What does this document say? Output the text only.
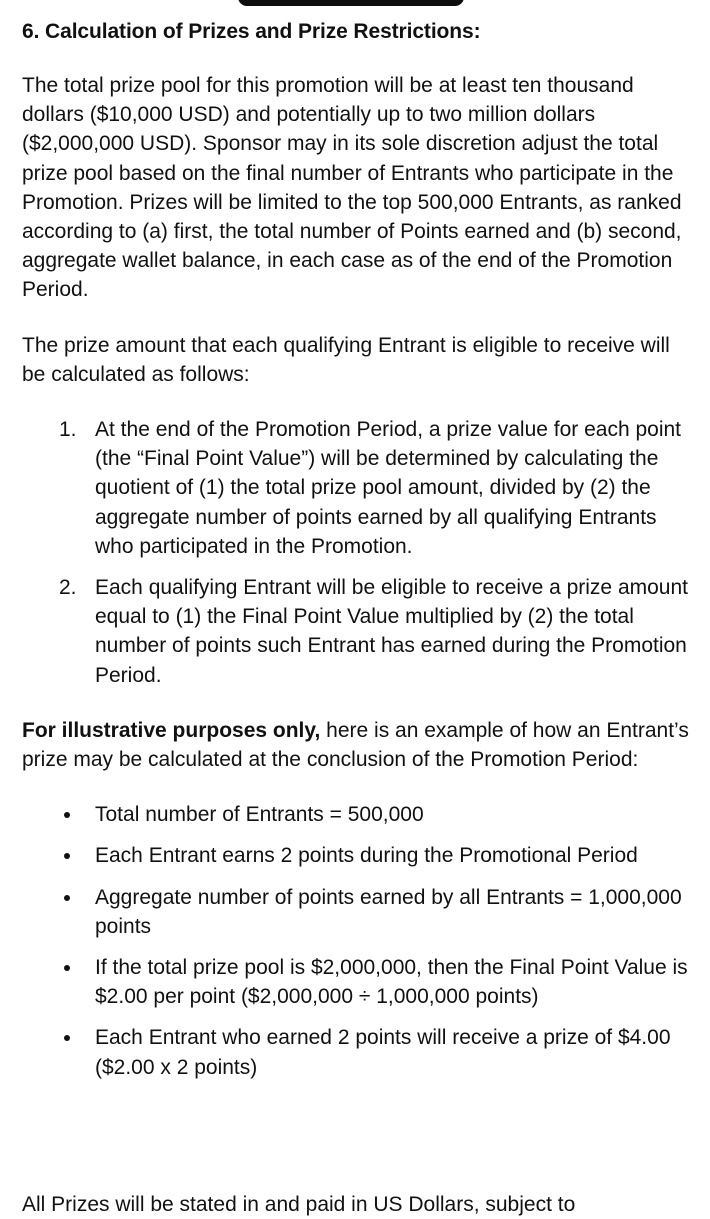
6. Calculation of Prizes and Prize Restrictions:

The total prize pool for this promotion will be at least ten thousand dollars ($10,000 USD) and potentially up to two million dollars ($2,000,000 USD). Sponsor may in its sole discretion adjust the total prize pool based on the final number of Entrants who participate in the Promotion. Prizes will be limited to the top 500,000 Entrants, as ranked according to (a) first, the total number of Points earned and (b) second, aggregate wallet balance, in each case as of the end of the Promotion Period.

The prize amount that each qualifying Entrant is eligible to receive will be calculated as follows:

1. At the end of the Promotion Period, a prize value for each point (the “Final Point Value”) will be determined by calculating the quotient of (1) the total prize pool amount, divided by (2) the aggregate number of points earned by all qualifying Entrants who participated in the Promotion.
2. Each qualifying Entrant will be eligible to receive a prize amount equal to (1) the Final Point Value multiplied by (2) the total number of points such Entrant has earned during the Promotion Period.

For illustrative purposes only, here is an example of how an Entrant’s prize may be calculated at the conclusion of the Promotion Period:

Total number of Entrants = 500,000
Each Entrant earns 2 points during the Promotional Period
Aggregate number of points earned by all Entrants = 1,000,000 points
If the total prize pool is $2,000,000, then the Final Point Value is $2.00 per point ($2,000,000 ÷ 1,000,000 points)
Each Entrant who earned 2 points will receive a prize of $4.00 ($2.00 x 2 points)
All Prizes will be stated in and paid in US Dollars, subject to
